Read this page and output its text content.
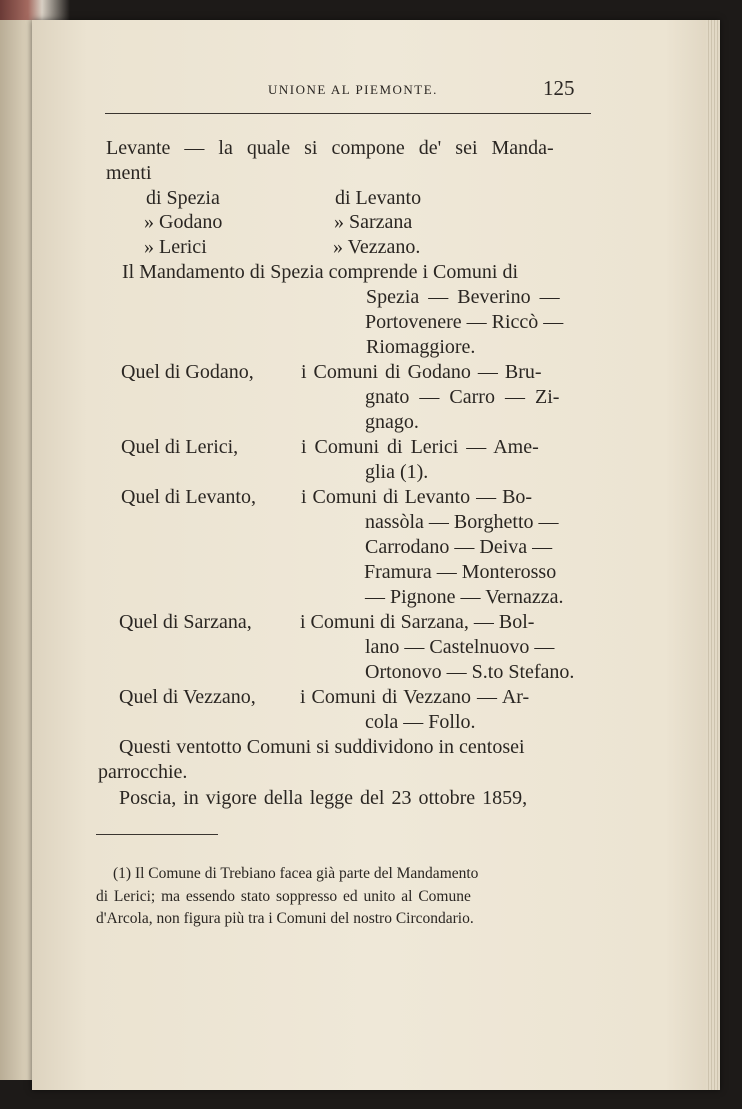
UNIONE AL PIEMONTE.	125
Levante — la quale si compone de' sei Manda-
menti
di Spezia	di Levanto
» Godano	» Sarzana
» Lerici	» Vezzano.
Il Mandamento di Spezia comprende i Comuni di
Spezia — Beverino —
Portovenere — Riccò —
Riomaggiore.
Quel di Godano, i Comuni di Godano — Bru-
gnato — Carro — Zi-
gnago.
Quel di Lerici,	i Comuni di Lerici — Ame-
glia (1).
Quel di Levanto, i Comuni di Levanto — Bo-
nassòla — Borghetto —
Carrodano — Deiva —
Framura — Monterosso
— Pignone — Vernazza.
Quel di Sarzana, i Comuni di Sarzana, — Bol-
lano — Castelnuovo —
Ortonovo — S.to Stefano.
Quel di Vezzano, i Comuni di Vezzano — Ar-
cola — Follo.
Questi ventotto Comuni si suddividono in centosei
parrocchie.
Poscia, in vigore della legge del 23 ottobre 1859,
(1) Il Comune di Trebiano facea già parte del Mandamento
di Lerici; ma essendo stato soppresso ed unito al Comune
d'Arcola, non figura più tra i Comuni del nostro Circondario.
